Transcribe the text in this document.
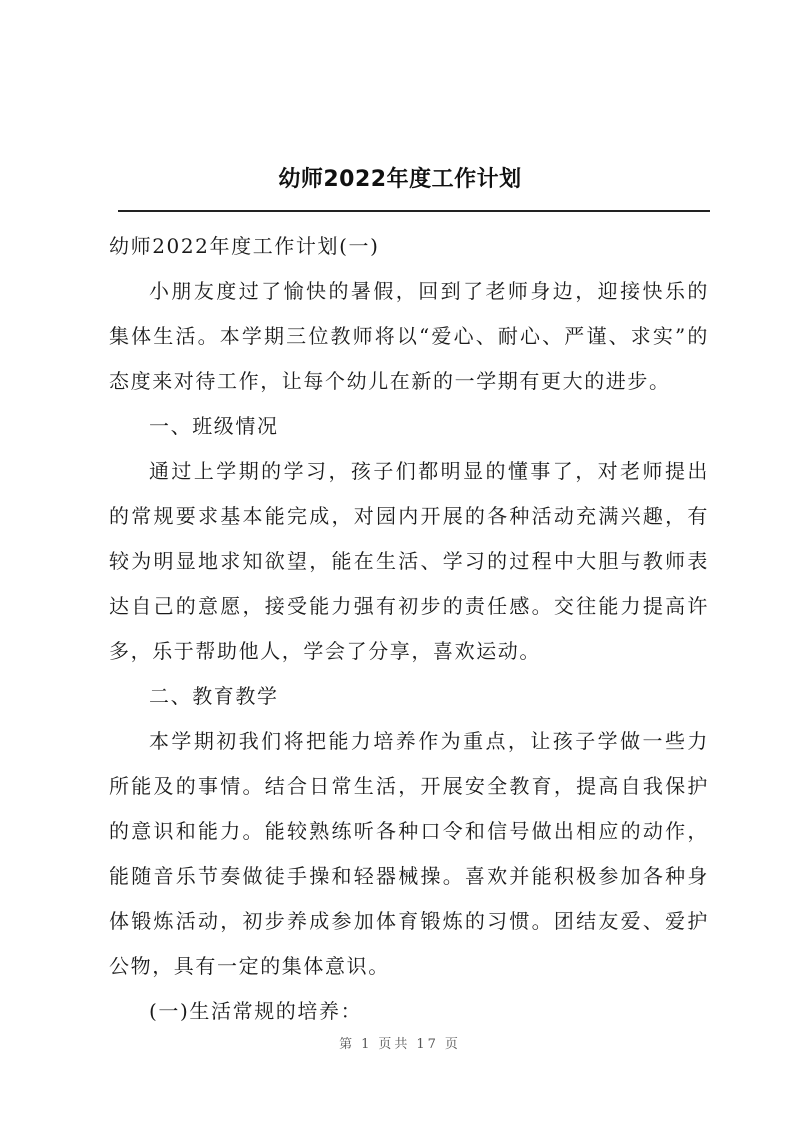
幼师2022年度工作计划

幼师2022年度工作计划(一)

小朋友度过了愉快的暑假，回到了老师身边，迎接快乐的集体生活。本学期三位教师将以“爱心、耐心、严谨、求实”的态度来对待工作，让每个幼儿在新的一学期有更大的进步。

一、班级情况

通过上学期的学习，孩子们都明显的懂事了，对老师提出的常规要求基本能完成，对园内开展的各种活动充满兴趣，有较为明显地求知欲望，能在生活、学习的过程中大胆与教师表达自己的意愿，接受能力强有初步的责任感。交往能力提高许多，乐于帮助他人，学会了分享，喜欢运动。

二、教育教学

本学期初我们将把能力培养作为重点，让孩子学做一些力所能及的事情。结合日常生活，开展安全教育，提高自我保护的意识和能力。能较熟练听各种口令和信号做出相应的动作，能随音乐节奏做徒手操和轻器械操。喜欢并能积极参加各种身体锻炼活动，初步养成参加体育锻炼的习惯。团结友爱、爱护公物，具有一定的集体意识。

(一)生活常规的培养：

第 1 页共 17 页
